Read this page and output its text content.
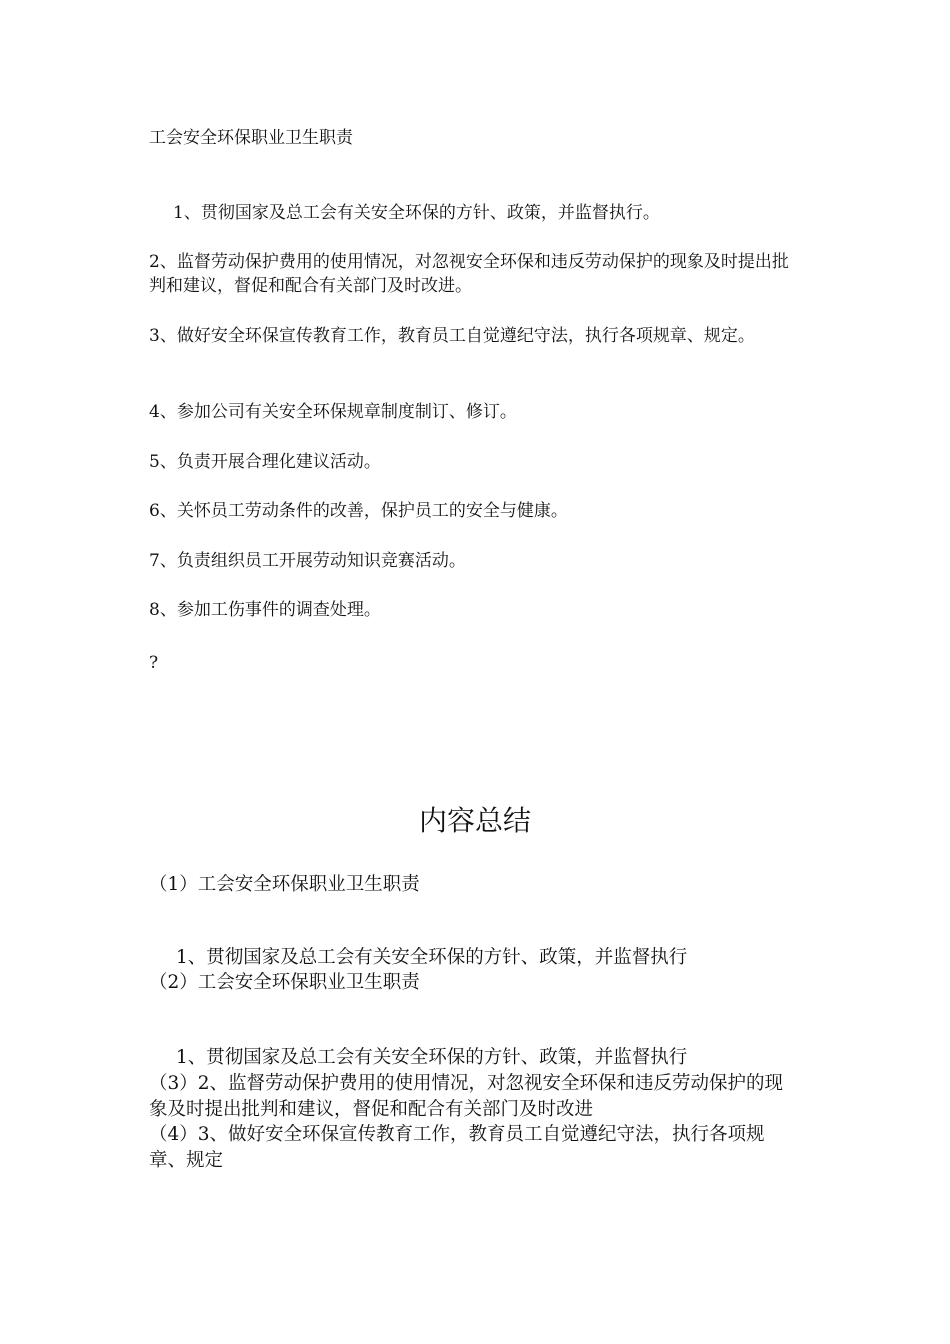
工会安全环保职业卫生职责

1、贯彻国家及总工会有关安全环保的方针、政策，并监督执行。

2、监督劳动保护费用的使用情况，对忽视安全环保和违反劳动保护的现象及时提出批判和建议，督促和配合有关部门及时改进。

3、做好安全环保宣传教育工作，教育员工自觉遵纪守法，执行各项规章、规定。

4、参加公司有关安全环保规章制度制订、修订。

5、负责开展合理化建议活动。

6、关怀员工劳动条件的改善，保护员工的安全与健康。

7、负责组织员工开展劳动知识竞赛活动。

8、参加工伤事件的调查处理。

?

内容总结

（1）工会安全环保职业卫生职责

1、贯彻国家及总工会有关安全环保的方针、政策，并监督执行

（2）工会安全环保职业卫生职责

1、贯彻国家及总工会有关安全环保的方针、政策，并监督执行

（3）2、监督劳动保护费用的使用情况，对忽视安全环保和违反劳动保护的现象及时提出批判和建议，督促和配合有关部门及时改进

（4）3、做好安全环保宣传教育工作，教育员工自觉遵纪守法，执行各项规章、规定
